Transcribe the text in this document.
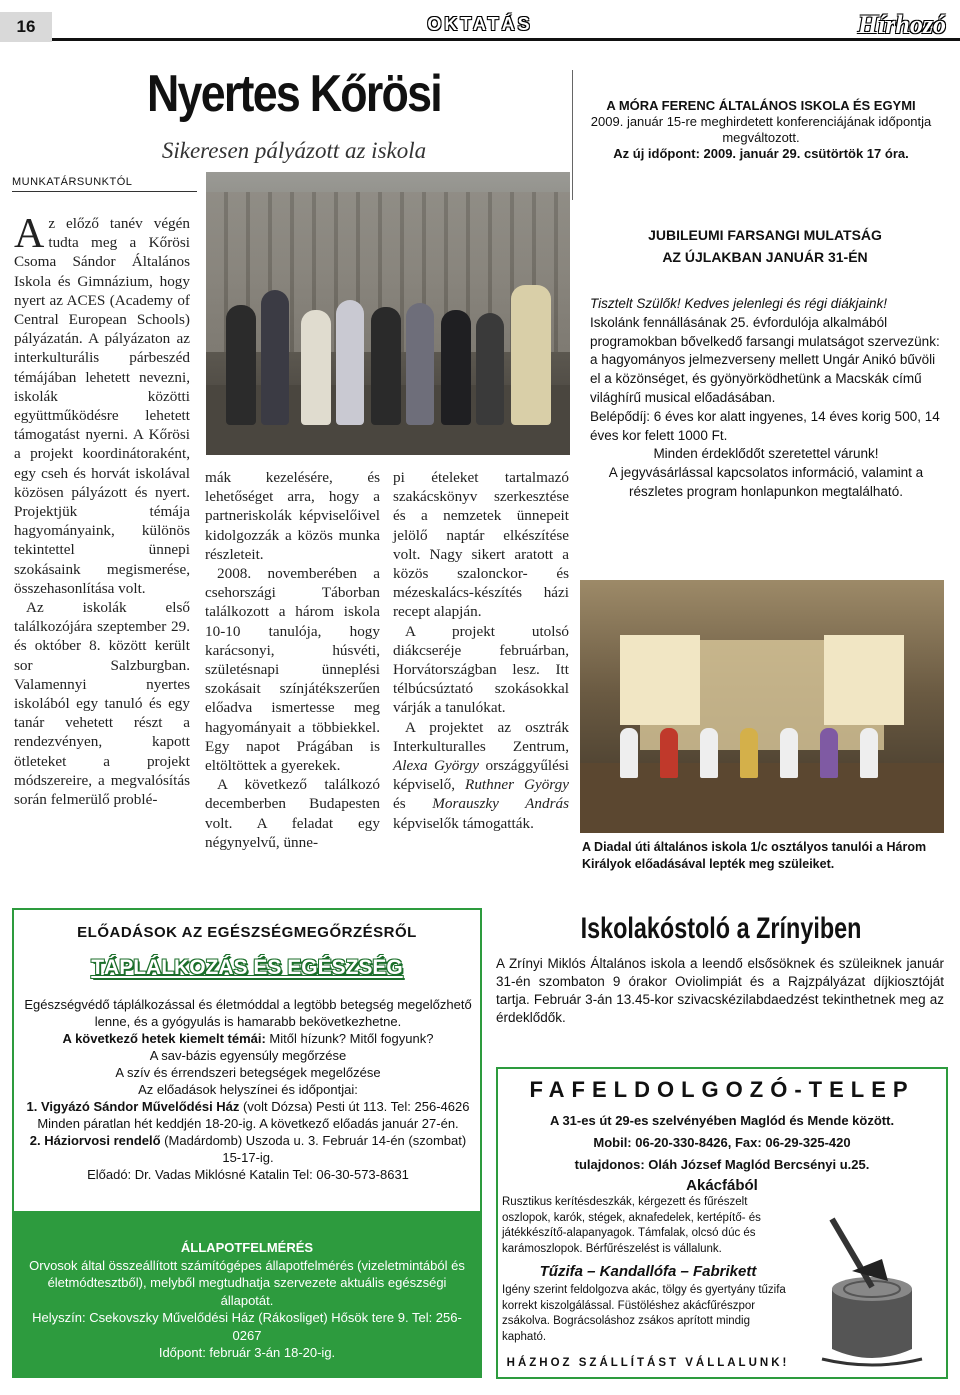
16	OKTATÁS	Hírhozó
Nyertes Kőrösi
Sikeresen pályázott az iskola
MUNKATÁRSUNKTÓL

Az előző tanév végén tudta meg a Kőrösi Csoma Sándor Általános Iskola és Gimnázium, hogy nyert az ACES (Academy of Central European Schools) pályázatán. A pályázaton az interkulturális párbeszéd témájában lehetett nevezni, iskolák közötti együttműködésre lehetett támogatást nyerni. A Kőrösi a projekt koordinátoraként, egy cseh és horvát iskolával közösen pályázott és nyert. Projektjük témája hagyományaink, különös tekintettel ünnepi szokásaink megismerése, összehasonlítása volt.

Az iskolák első találkozójára szeptember 29. és október 8. között került sor Salzburgban. Valamennyi nyertes iskolából egy tanuló és egy tanár vehetett részt a rendezvényen, kapott ötleteket a projekt módszereire, a megvalósítás során felmerülő problé-

mák kezelésére, és lehetőséget arra, hogy a partneriskolák képviselőivel kidolgozzák a közös munka részleteit.

2008. novemberében a csehországi Táborban találkozott a három iskola 10-10 tanulója, hogy karácsonyi, húsvéti, születésnapi ünneplési szokásait színjátékszerűen előadva ismertesse meg hagyományait a többiekkel. Egy napot Prágában is eltöltöttek a gyerekek.

A következő találkozó decemberben Budapesten volt. A feladat egy négynyelvű, ünne-

pi ételeket tartalmazó szakácskönyv szerkesztése és a nemzetek ünnepeit jelölő naptár elkészítése volt. Nagy sikert aratott a közös szalonckor- és mézeskalács-készítés házi recept alapján.

A projekt utolsó diákcseréje februárban, Horvátországban lesz. Itt télbúcsúztató szokásokkal várják a tanulókat.

A projektet az osztrák Interkulturalles Zentrum, Alexa György országgyűlési képviselő, Ruthner György és Morauszky András képviselők támogatták.

A MÓRA FERENC ÁLTALÁNOS ISKOLA ÉS EGYMI
2009. január 15-re meghirdetett konferenciájának időpontja megváltozott.
Az új időpont: 2009. január 29. csütörtök 17 óra.
JUBILEUMI FARSANGI MULATSÁG
AZ ÚJLAKBAN JANUÁR 31-ÉN
Tisztelt Szülők! Kedves jelenlegi és régi diákjaink!
Iskolánk fennállásának 25. évfordulója alkalmából programokban bővelkedő farsangi mulatságot szervezünk: a hagyományos jelmezverseny mellett Ungár Anikó bűvöli el a közönséget, és gyönyörködhetünk a Macskák című világhírű musical előadásában.
Belépődíj: 6 éves kor alatt ingyenes, 14 éves korig 500, 14 éves kor felett 1000 Ft.
Minden érdeklődőt szeretettel várunk!
A jegyvásárlással kapcsolatos információ, valamint a részletes program honlapunkon megtalálható.
A Diadal úti általános iskola 1/c osztályos tanulói a Három Királyok előadásával lepték meg szüleiket.
ELŐADÁSOK AZ EGÉSZSÉGMEGŐRZÉSRŐL
TÁPLÁLKOZÁS ÉS EGÉSZSÉG
Egészségvédő táplálkozással és életmóddal a legtöbb betegség megelőzhető lenne, és a gyógyulás is hamarabb bekövetkezhetne.
A következő hetek kiemelt témái: Mitől hízunk? Mitől fogyunk?
A sav-bázis egyensúly megőrzése
A szív és érrendszeri betegségek megelőzése
Az előadások helyszínei és időpontjai:
1. Vigyázó Sándor Művelődési Ház (volt Dózsa) Pesti út 113. Tel: 256-4626 Minden páratlan hét keddjén 18-20-ig. A következő előadás január 27-én.
2. Háziorvosi rendelő (Madárdomb) Uszoda u. 3. Február 14-én (szombat) 15-17-ig.
Előadó: Dr. Vadas Miklósné Katalin Tel: 06-30-573-8631
ÁLLAPOTFELMÉRÉS
Orvosok által összeállított számítógépes állapotfelmérés (vizeletmintából és életmódtesztből), melyből megtudhatja szervezete aktuális egészségi állapotát.
Helyszín: Csekovszky Művelődési Ház (Rákosliget) Hősök tere 9. Tel: 256-0267
Időpont: február 3-án 18-20-ig.
Iskolakóstoló a Zrínyiben
A Zrínyi Miklós Általános iskola a leendő elsősöknek és szüleiknek január 31-én szombaton 9 órakor Oviolimpiát és a Rajzpályázat díjkiosztóját tartja. Február 3-án 13.45-kor szivacskézilabdaedzést tekinthetnek meg az érdeklődők.
FAFELDOLGOZÓ-TELEP
A 31-es út 29-es szelvényében Maglód és Mende között.
Mobil: 06-20-330-8426, Fax: 06-29-325-420
tulajdonos: Oláh József Maglód Bercsényi u.25.
Akácfából
Rusztikus kerítésdeszkák, kérgezett és fűrészelt oszlopok, karók, stégek, aknafedelek, kertépítő- és játékkészítő-alapanyagok. Támfalak, olcsó dúc és karámoszlopok. Bérfűrészelést is vállalunk.
Tűzifa – Kandallófa – Fabrikett
Igény szerint feldolgozva akác, tölgy és gyertyány tűzifa korrekt kiszolgálással. Füstöléshez akácfűrészpor zsákolva. Bográcsoláshoz zsákos aprított mindig kapható.
HÁZHOZ SZÁLLÍTÁST VÁLLALUNK!
